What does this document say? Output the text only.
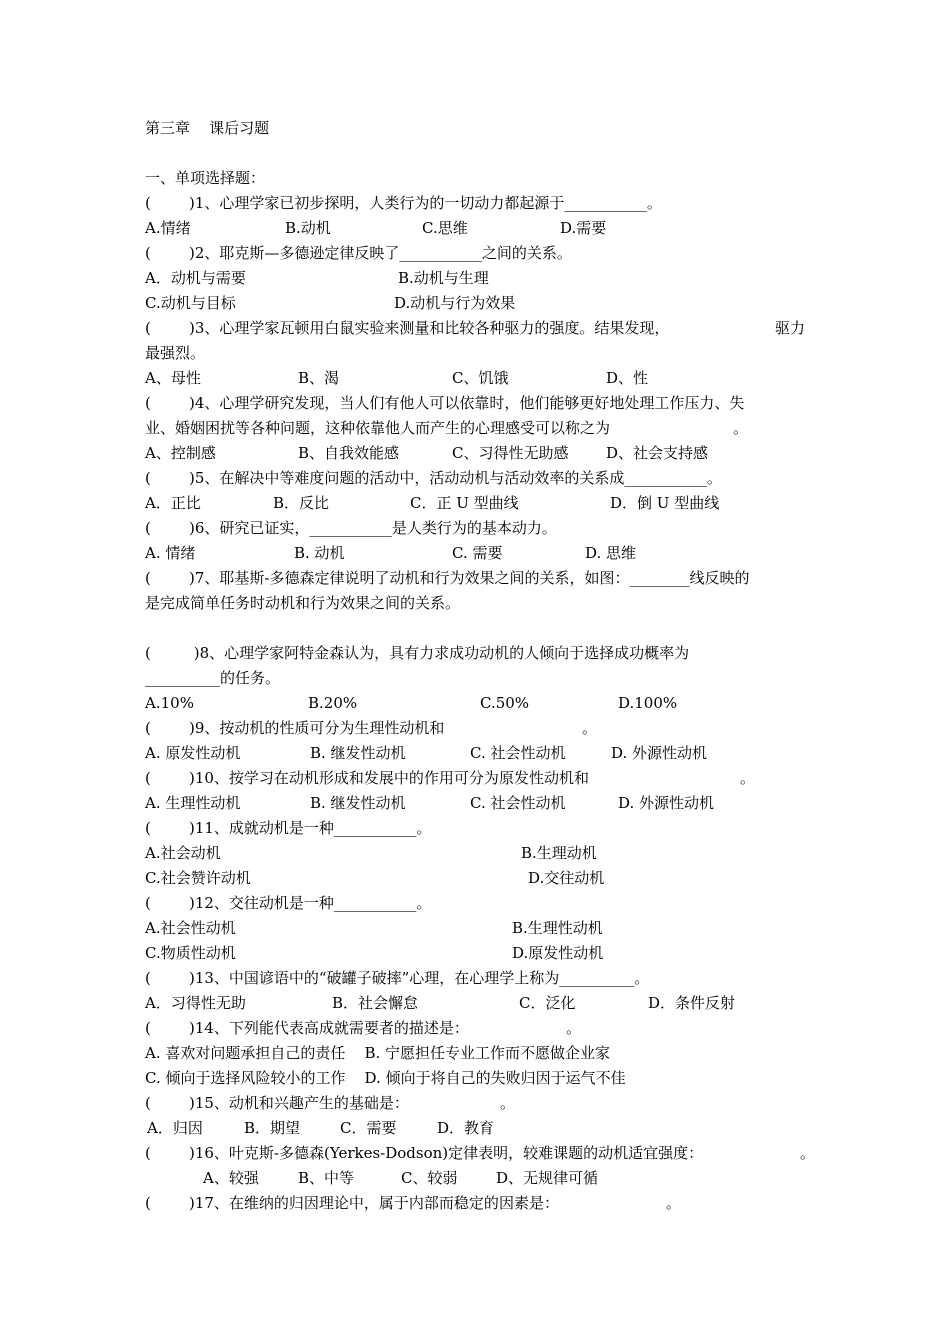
第三章    课后习题
一、单项选择题：
(        )1、心理学家已初步探明，人类行为的一切动力都起源于___________。
A.情绪	B.动机	C.思维	D.需要
(        )2、耶克斯—多德逊定律反映了___________之间的关系。
A．动机与需要	B.动机与生理
C.动机与目标	D.动机与行为效果
(        )3、心理学家瓦顿用白鼠实验来测量和比较各种驱力的强度。结果发现，	驱力
最强烈。
A、母性	B、渴	C、饥饿	D、性
(        )4、心理学研究发现，当人们有他人可以依靠时，他们能够更好地处理工作压力、失
业、婚姻困扰等各种问题，这种依靠他人而产生的心理感受可以称之为	。
A、控制感	B、自我效能感	C、习得性无助感	D、社会支持感
(        )5、在解决中等难度问题的活动中，活动动机与活动效率的关系成___________。
A．正比	B．反比	C．正 U 型曲线	D．倒 U 型曲线
(        )6、研究已证实，___________是人类行为的基本动力。
A. 情绪	B. 动机	C. 需要	D. 思维
(        )7、耶基斯-多德森定律说明了动机和行为效果之间的关系，如图：________线反映的
是完成简单任务时动机和行为效果之间的关系。
(         )8、心理学家阿特金森认为，具有力求成功动机的人倾向于选择成功概率为
__________的任务。
A.10%	B.20%	C.50%	D.100%
(        )9、按动机的性质可分为生理性动机和	。
A. 原发性动机	B. 继发性动机	C. 社会性动机	D. 外源性动机
(        )10、按学习在动机形成和发展中的作用可分为原发性动机和	。
A. 生理性动机	B. 继发性动机	C. 社会性动机	D. 外源性动机
(        )11、成就动机是一种___________。
A.社会动机	B.生理动机
C.社会赞许动机	D.交往动机
(        )12、交往动机是一种___________。
A.社会性动机	B.生理性动机
C.物质性动机	D.原发性动机
(        )13、中国谚语中的“破罐子破摔”心理，在心理学上称为__________。
A．习得性无助	B．社会懈怠	C．泛化	D．条件反射
(        )14、下列能代表高成就需要者的描述是：	。
A. 喜欢对问题承担自己的责任    B. 宁愿担任专业工作而不愿做企业家
C. 倾向于选择风险较小的工作    D. 倾向于将自己的失败归因于运气不佳
(        )15、动机和兴趣产生的基础是：	。
A．归因	B．期望	C．需要	D．教育
(        )16、叶克斯-多德森(Yerkes-Dodson)定律表明，较难课题的动机适宜强度：	。
A、较强	B、中等	C、较弱	D、无规律可循
(        )17、在维纳的归因理论中，属于内部而稳定的因素是：	。
